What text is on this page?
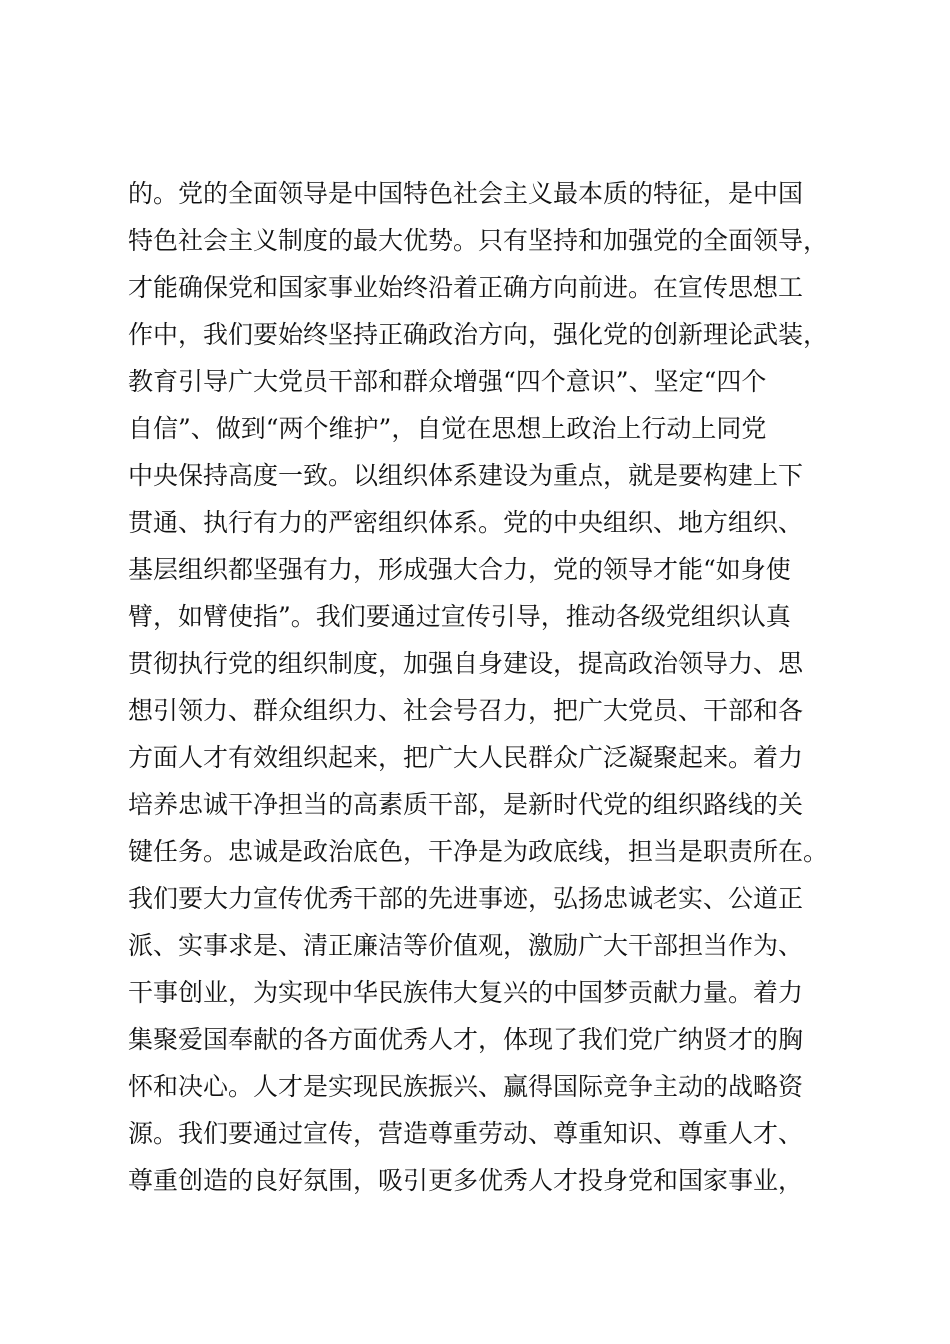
的。党的全面领导是中国特色社会主义最本质的特征，是中国
特色社会主义制度的最大优势。只有坚持和加强党的全面领导，
才能确保党和国家事业始终沿着正确方向前进。在宣传思想工
作中，我们要始终坚持正确政治方向，强化党的创新理论武装，
教育引导广大党员干部和群众增强“四个意识”、坚定“四个
自信”、做到“两个维护”，自觉在思想上政治上行动上同党
中央保持高度一致。以组织体系建设为重点，就是要构建上下
贯通、执行有力的严密组织体系。党的中央组织、地方组织、
基层组织都坚强有力，形成强大合力，党的领导才能“如身使
臂，如臂使指”。我们要通过宣传引导，推动各级党组织认真
贯彻执行党的组织制度，加强自身建设，提高政治领导力、思
想引领力、群众组织力、社会号召力，把广大党员、干部和各
方面人才有效组织起来，把广大人民群众广泛凝聚起来。着力
培养忠诚干净担当的高素质干部，是新时代党的组织路线的关
键任务。忠诚是政治底色，干净是为政底线，担当是职责所在。
我们要大力宣传优秀干部的先进事迹，弘扬忠诚老实、公道正
派、实事求是、清正廉洁等价值观，激励广大干部担当作为、
干事创业，为实现中华民族伟大复兴的中国梦贡献力量。着力
集聚爱国奉献的各方面优秀人才，体现了我们党广纳贤才的胸
怀和决心。人才是实现民族振兴、赢得国际竞争主动的战略资
源。我们要通过宣传，营造尊重劳动、尊重知识、尊重人才、
尊重创造的良好氛围，吸引更多优秀人才投身党和国家事业，
